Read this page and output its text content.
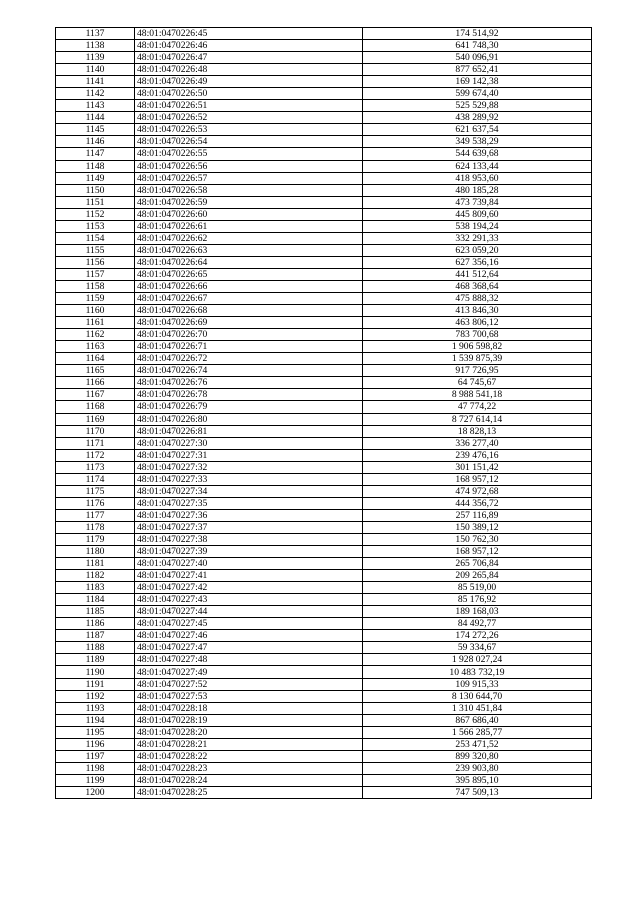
1137	48:01:0470226:45	174 514,92
1138	48:01:0470226:46	641 748,30
1139	48:01:0470226:47	540 096,91
1140	48:01:0470226:48	877 652,41
1141	48:01:0470226:49	169 142,38
1142	48:01:0470226:50	599 674,40
1143	48:01:0470226:51	525 529,88
1144	48:01:0470226:52	438 289,92
1145	48:01:0470226:53	621 637,54
1146	48:01:0470226:54	349 538,29
1147	48:01:0470226:55	544 639,68
1148	48:01:0470226:56	624 133,44
1149	48:01:0470226:57	418 953,60
1150	48:01:0470226:58	480 185,28
1151	48:01:0470226:59	473 739,84
1152	48:01:0470226:60	445 809,60
1153	48:01:0470226:61	538 194,24
1154	48:01:0470226:62	332 291,33
1155	48:01:0470226:63	623 059,20
1156	48:01:0470226:64	627 356,16
1157	48:01:0470226:65	441 512,64
1158	48:01:0470226:66	468 368,64
1159	48:01:0470226:67	475 888,32
1160	48:01:0470226:68	413 846,30
1161	48:01:0470226:69	463 806,12
1162	48:01:0470226:70	783 700,68
1163	48:01:0470226:71	1 906 598,82
1164	48:01:0470226:72	1 539 875,39
1165	48:01:0470226:74	917 726,95
1166	48:01:0470226:76	64 745,67
1167	48:01:0470226:78	8 988 541,18
1168	48:01:0470226:79	47 774,22
1169	48:01:0470226:80	8 727 614,14
1170	48:01:0470226:81	18 828,13
1171	48:01:0470227:30	336 277,40
1172	48:01:0470227:31	239 476,16
1173	48:01:0470227:32	301 151,42
1174	48:01:0470227:33	168 957,12
1175	48:01:0470227:34	474 972,68
1176	48:01:0470227:35	444 356,72
1177	48:01:0470227:36	257 116,89
1178	48:01:0470227:37	150 389,12
1179	48:01:0470227:38	150 762,30
1180	48:01:0470227:39	168 957,12
1181	48:01:0470227:40	265 706,84
1182	48:01:0470227:41	209 265,84
1183	48:01:0470227:42	85 519,00
1184	48:01:0470227:43	85 176,92
1185	48:01:0470227:44	189 168,03
1186	48:01:0470227:45	84 492,77
1187	48:01:0470227:46	174 272,26
1188	48:01:0470227:47	59 334,67
1189	48:01:0470227:48	1 928 027,24
1190	48:01:0470227:49	10 483 732,19
1191	48:01:0470227:52	109 915,33
1192	48:01:0470227:53	8 130 644,70
1193	48:01:0470228:18	1 310 451,84
1194	48:01:0470228:19	867 686,40
1195	48:01:0470228:20	1 566 285,77
1196	48:01:0470228:21	253 471,52
1197	48:01:0470228:22	899 320,80
1198	48:01:0470228:23	239 903,80
1199	48:01:0470228:24	395 895,10
1200	48:01:0470228:25	747 509,13
